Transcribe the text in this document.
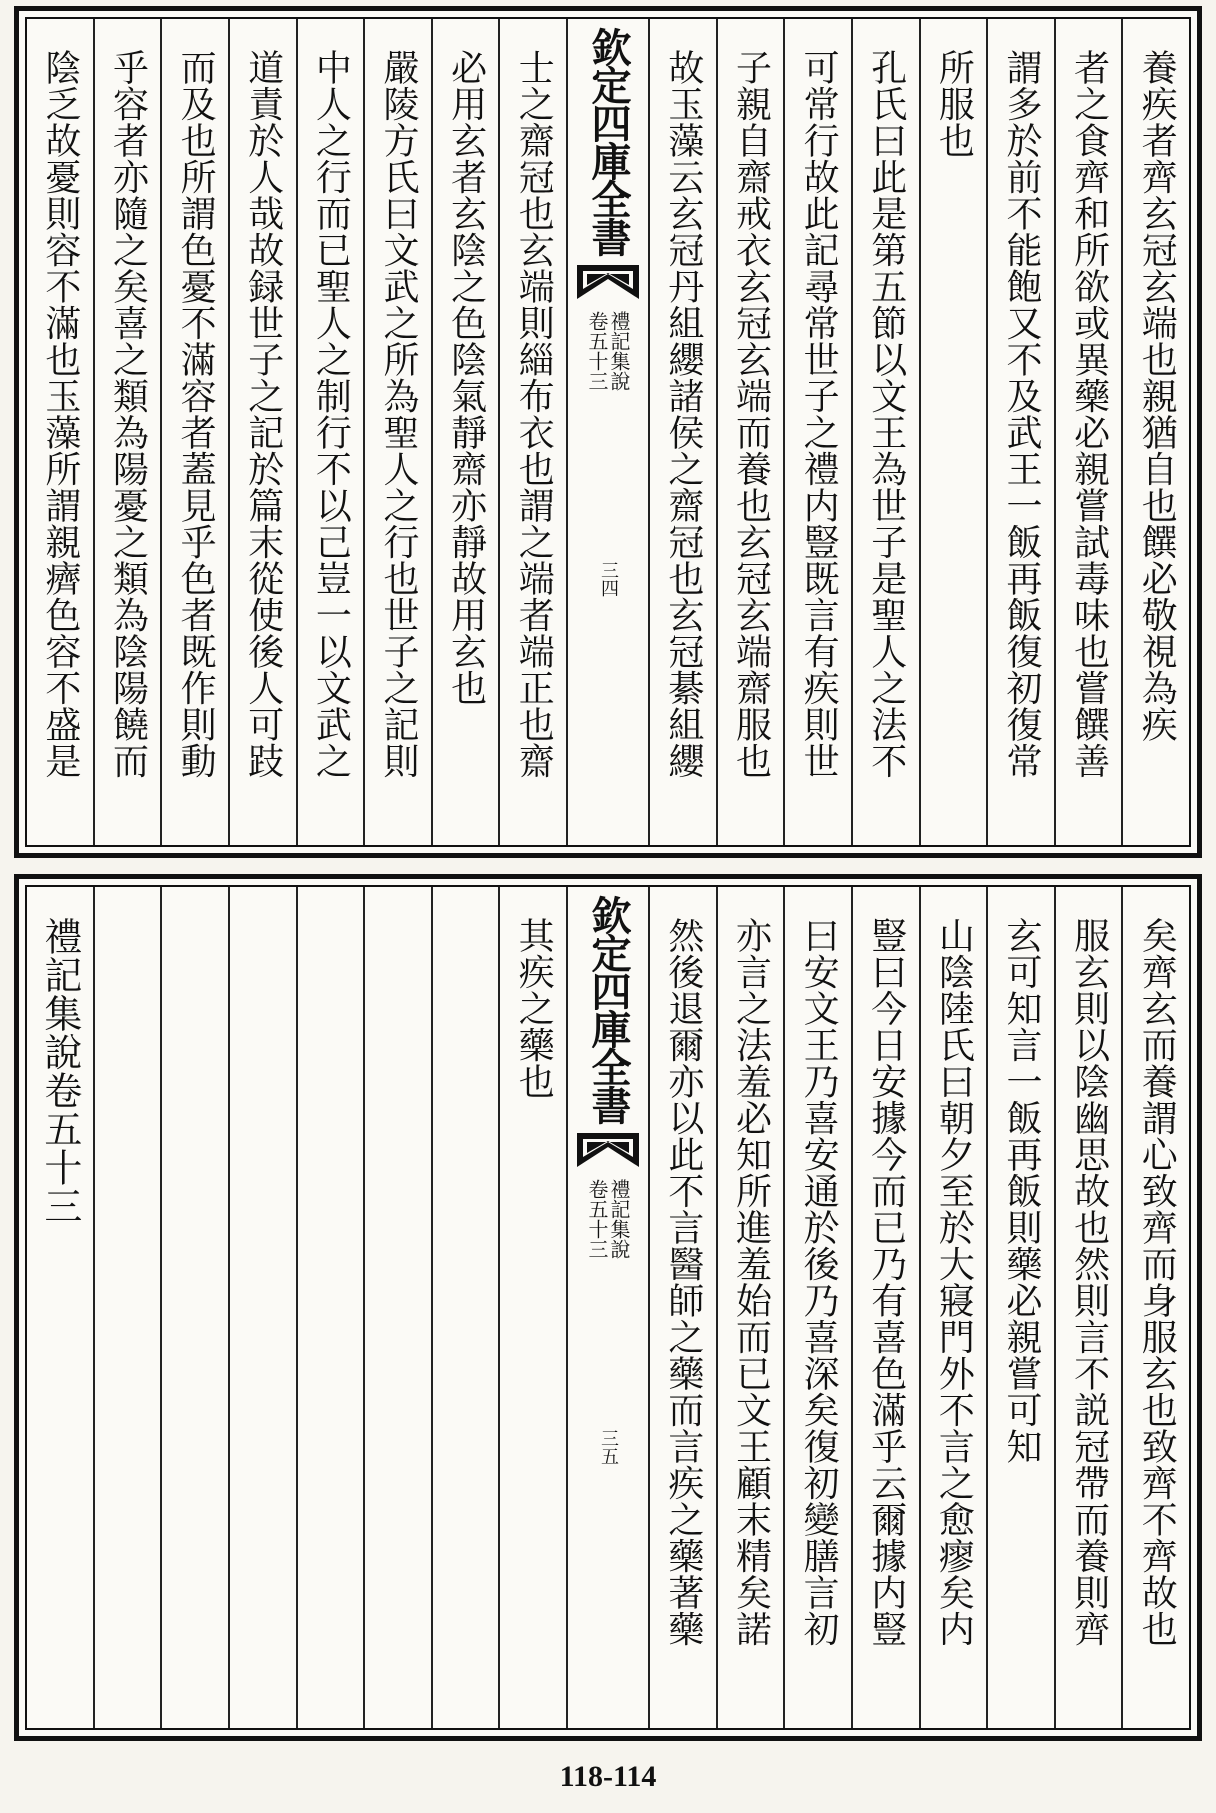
養疾者齊玄冠玄端也親猶自也饌必敬視為疾
者之食齊和所欲或異藥必親嘗試毒味也嘗饌善
謂多於前不能飽又不及武王一飯再飯復初復常
所服也
孔氏曰此是第五節以文王為世子是聖人之法不
可常行故此記尋常世子之禮内豎既言有疾則世
子親自齋戒衣玄冠玄端而養也玄冠玄端齋服也
故玉藻云玄冠丹組纓諸侯之齋冠也玄冠綦組纓
欽定四庫全書
禮記集說
卷五十三
三四
士之齋冠也玄端則緇布衣也謂之端者端正也齋
必用玄者玄陰之色陰氣靜齋亦靜故用玄也
嚴陵方氏曰文武之所為聖人之行也世子之記則
中人之行而已聖人之制行不以己豈一以文武之
道責於人哉故録世子之記於篇末從使後人可跂
而及也所謂色憂不滿容者蓋見乎色者既作則動
乎容者亦隨之矣喜之類為陽憂之類為陰陽饒而
陰乏故憂則容不滿也玉藻所謂親癠色容不盛是
矣齊玄而養謂心致齊而身服玄也致齊不齊故也
服玄則以陰幽思故也然則言不説冠帶而養則齊
玄可知言一飯再飯則藥必親嘗可知
山陰陸氏曰朝夕至於大寢門外不言之愈瘳矣内
豎曰今日安據今而已乃有喜色滿乎云爾據内豎
曰安文王乃喜安通於後乃喜深矣復初變膳言初
亦言之法羞必知所進羞始而已文王顧末精矣諾
然後退爾亦以此不言醫師之藥而言疾之藥著藥
欽定四庫全書
禮記集說
卷五十三
三五
其疾之藥也
禮記集說卷五十三
118-114
